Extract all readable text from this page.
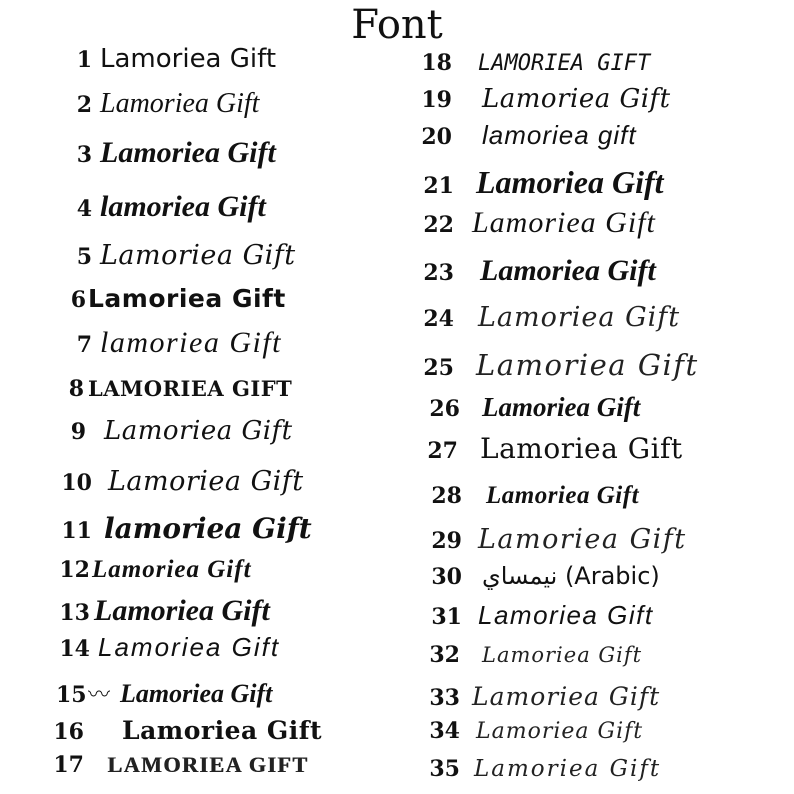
Font
1 Lamoriea Gift
2 Lamoriea Gift
3 Lamoriea Gift
4 lamoriea Gift
5 Lamoriea Gift
6 Lamoriea Gift
7 lamoriea Gift
8 LAMORIEA GIFT
9 Lamoriea Gift
10 Lamoriea Gift
11 lamoriea Gift
12 Lamoriea Gift
13 Lamoriea Gift
14 Lamoriea Gift
15 〰 Lamoriea Gift
16 Lamoriea Gift
17 LAMORIEA GIFT
18 LAMORIEA GIFT
19 Lamoriea Gift
20 lamoriea gift
21 Lamoriea Gift
22 Lamoriea Gift
23 Lamoriea Gift
24 Lamoriea Gift
25 Lamoriea Gift
26 Lamoriea Gift
27 Lamoriea Gift
28 Lamoriea Gift
29 Lamoriea Gift
30 نيمساي (Arabic)
31 Lamoriea Gift
32 Lamoriea Gift
33 Lamoriea Gift
34 Lamoriea Gift
35 Lamoriea Gift
